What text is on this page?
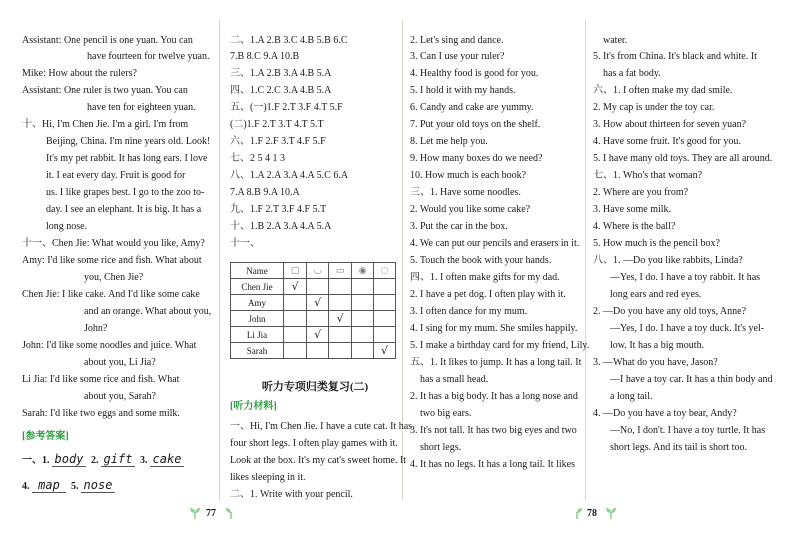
Assistant: One pencil is one yuan. You can
have fourteen for twelve yuan.
Mike: How about the rulers?
Assistant: One ruler is two yuan. You can
have ten for eighteen yuan.
十、Hi, I'm Chen Jie. I'm a girl. I'm from
Beijing, China. I'm nine years old. Look!
It's my pet rabbit. It has long ears. I love
it. I eat every day. Fruit is good for
us. I like grapes best. I go to the zoo to-
day. I see an elephant. It is big. It has a
long nose.
十一、Chen Jie: What would you like, Amy?
Amy: I'd like some rice and fish. What about
you, Chen Jie?
Chen Jie: I like cake. And I'd like some cake
and an orange. What about you,
John?
John: I'd like some noodles and juice. What
about you, Li Jia?
Li Jia: I'd like some rice and fish. What
about you, Sarah?
Sarah: I'd like two eggs and some milk.
二、1.A 2.B 3.C 4.B 5.B 6.C
7.B 8.C 9.A 10.B
三、1.A 2.B 3.A 4.B 5.A
四、1.C 2.C 3.A 4.B 5.A
五、(一)1.F 2.T 3.F 4.T 5.F
(二)1.F 2.T 3.T 4.T 5.T
六、1.F 2.F 3.T 4.F 5.F
七、2 5 4 1 3
八、1.A 2.A 3.A 4.A 5.C 6.A
7.A 8.B 9.A 10.A
九、1.F 2.T 3.F 4.F 5.T
十、1.B 2.A 3.A 4.A 5.A
十一、
2. Let's sing and dance.
3. Can I use your ruler?
4. Healthy food is good for you.
5. I hold it with my hands.
6. Candy and cake are yummy.
7. Put your old toys on the shelf.
8. Let me help you.
9. How many boxes do we need?
10. How much is each book?
三、1. Have some noodles.
2. Would you like some cake?
3. Put the car in the box.
4. We can put our pencils and erasers in it.
5. Touch the book with your hands.
四、1. I often make gifts for my dad.
2. I have a pet dog. I often play with it.
3. I often dance for my mum.
4. I sing for my mum. She smiles happily.
5. I make a birthday card for my friend, Lily.
五、1. It likes to jump. It has a long tail. It
has a small head.
2. It has a big body. It has a long nose and
two big ears.
3. It's not tall. It has two big eyes and two
short legs.
4. It has no legs. It has a long tail. It likes
water.
5. It's from China. It's black and white. It
has a fat body.
六、1. I often make my dad smile.
2. My cap is under the toy car.
3. How about thirteen for seven yuan?
4. Have some fruit. It's good for you.
5. I have many old toys. They are all around.
七、1. Who's that woman?
2. Where are you from?
3. Have some milk.
4. Where is the ball?
5. How much is the pencil box?
八、1. —Do you like rabbits, Linda?
—Yes, I do. I have a toy rabbit. It has
long ears and red eyes.
2. —Do you have any old toys, Anne?
—Yes, I do. I have a toy duck. It's yel-
low. It has a big mouth.
3. —What do you have, Jason?
—I have a toy car. It has a thin body and
a long tail.
4. —Do you have a toy bear, Andy?
—No, I don't. I have a toy turtle. It has
short legs. And its tail is short too.
[参考答案]
一、1. body 2. gift 3. cake
4. map 5. nose
Name	▢	◡	▭	◉	◌
Chen Jie	√				
Amy		√			
John			√		
Li Jia		√			
Sarah					√
听力专项归类复习(二)
[听力材料]
一、Hi, I'm Chen Jie. I have a cute cat. It has
four short legs. I often play games with it.
Look at the box. It's my cat's sweet home. It
likes sleeping in it.
二、1. Write with your pencil.
77	78
